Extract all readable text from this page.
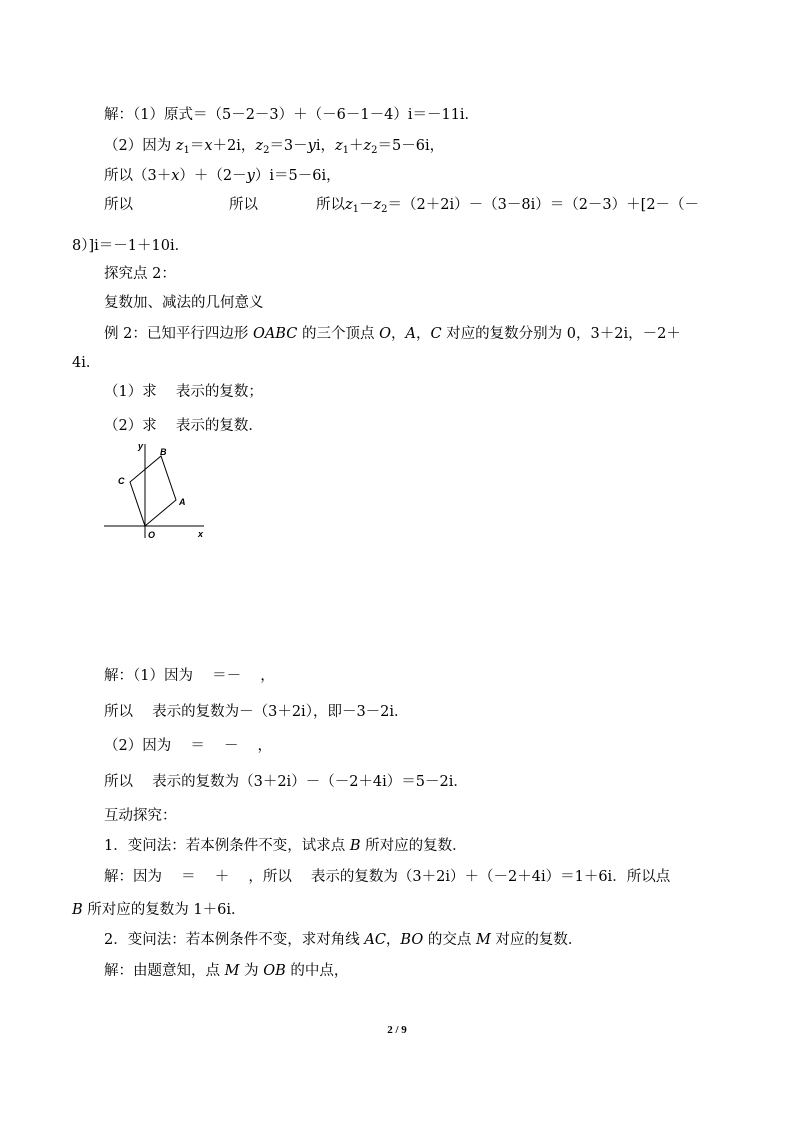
解：（1）原式＝（5－2－3）＋（－6－1－4）i＝－11i．
（2）因为 $z_1=x+2i$，$z_2=3-yi$，$z_1+z_2=5-6i$，
所以（3＋x）＋（2－y）i＝5－6i，
所以	所以	所以$z_1-z_2=(2+2i)-(3-8i)=(2-3)+[2-(-$
8）]i＝－1＋10i．
探究点 2：
复数加、减法的几何意义
例 2：已知平行四边形 OABC 的三个顶点 O，A，C 对应的复数分别为 0，3＋2i，－2＋
4i．
（1）求　 表示的复数；
（2）求　 表示的复数．
y
x
O
A
B
C
解：（1）因为　 ＝－　 ，
所以　 表示的复数为－（3＋2i），即－3－2i．
（2）因为　 ＝　 －　 ，
所以　 表示的复数为（3＋2i）－（－2＋4i）＝5－2i．
互动探究：
1．变问法：若本例条件不变，试求点 B 所对应的复数．
解：因为　 ＝　 ＋　 ，所以　 表示的复数为（3＋2i）＋（－2＋4i）＝1＋6i．所以点
B 所对应的复数为 1＋6i．
2．变问法：若本例条件不变，求对角线 AC，BO 的交点 M 对应的复数．
解：由题意知，点 M 为 OB 的中点，
2 / 9
